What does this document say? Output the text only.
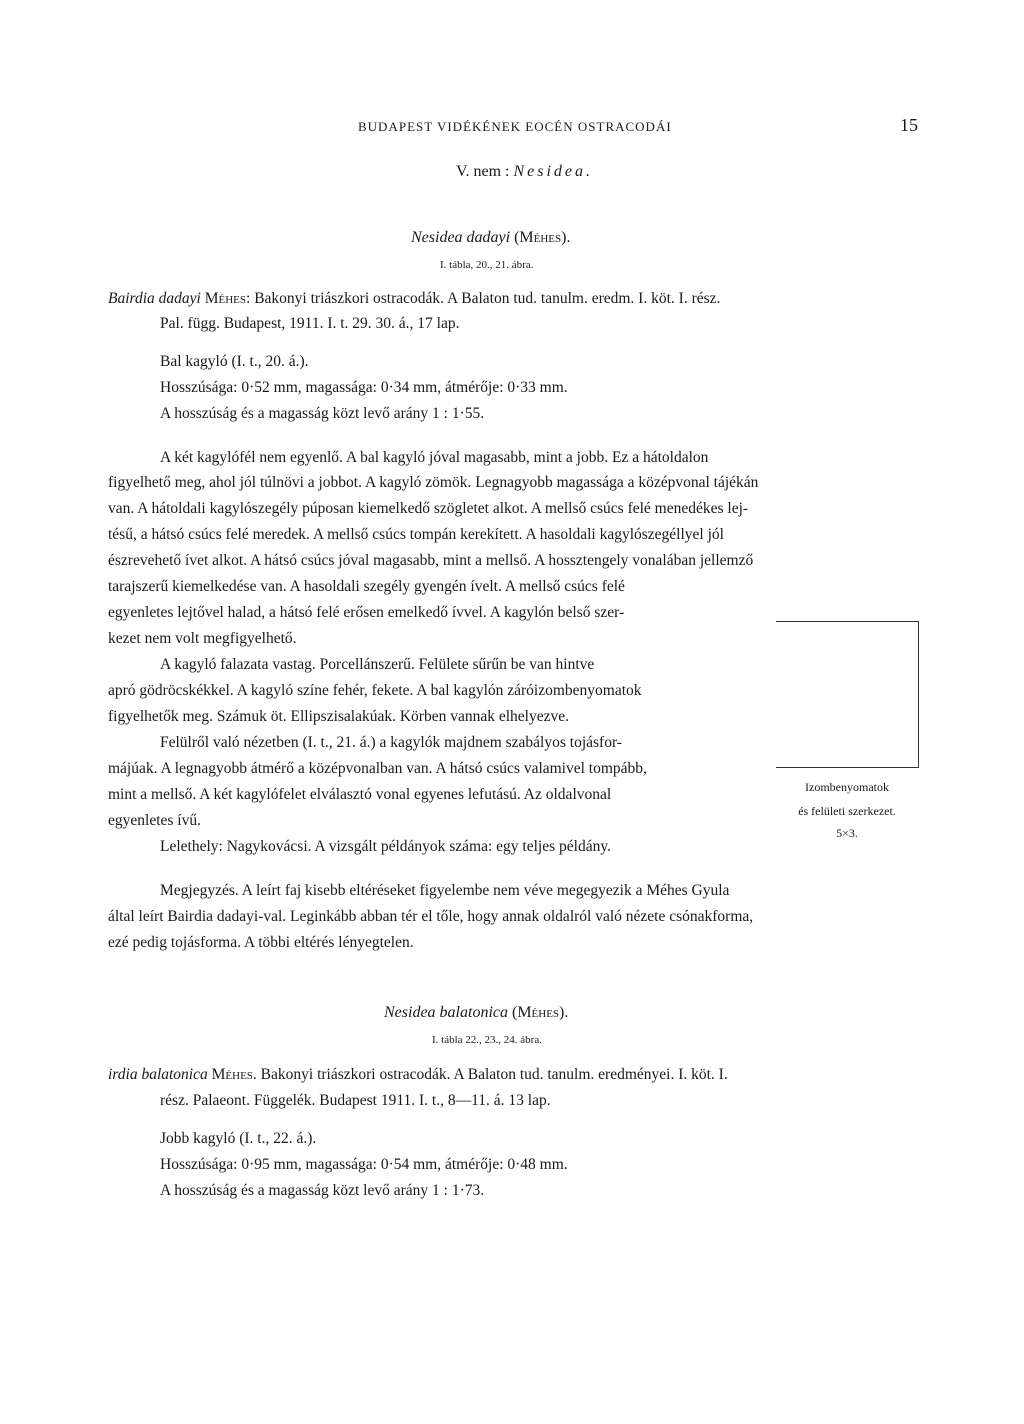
BUDAPEST VIDÉKÉNEK EOCÉN OSTRACODÁI	15
V. nem : Nesidea.
Nesidea dadayi (Méhes).
I. tábla, 20., 21. ábra.
Bairdia dadayi Méhes: Bakonyi triászkori ostracodák. A Balaton tud. tanulm. eredm. I. köt. I. rész.
Pal. függ. Budapest, 1911. I. t. 29. 30. á., 17 lap.
Bal kagyló (I. t., 20. á.).
Hosszúsága: 0·52 mm, magassága: 0·34 mm, átmérője: 0·33 mm.
A hosszúság és a magasság közt levő arány 1 : 1·55.
A két kagylófél nem egyenlő. A bal kagyló jóval magasabb, mint a jobb. Ez a hátoldalon
figyelhető meg, ahol jól túlnövi a jobbot. A kagyló zömök. Legnagyobb magassága a középvonal tájékán
van. A hátoldali kagylószegély púposan kiemelkedő szögletet alkot. A mellső csúcs felé menedékes lej-
tésű, a hátsó csúcs felé meredek. A mellső csúcs tompán kerekített. A hasoldali kagylószegéllyel jól
észrevehető ívet alkot. A hátsó csúcs jóval magasabb, mint a mellső. A hossztengely vonalában jellemző
tarajszerű kiemelkedése van. A hasoldali szegély gyengén ívelt. A mellső csúcs felé
egyenletes lejtővel halad, a hátsó felé erősen emelkedő ívvel. A kagylón belső szer-
kezet nem volt megfigyelhető.
A kagyló falazata vastag. Porcellánszerű. Felülete sűrűn be van hintve
apró gödröcskékkel. A kagyló színe fehér, fekete. A bal kagylón záróizombenyomatok
figyelhetők meg. Számuk öt. Ellipszisalakúak. Körben vannak elhelyezve.
Felülről való nézetben (I. t., 21. á.) a kagylók majdnem szabályos tojásfor-
májúak. A legnagyobb átmérő a középvonalban van. A hátsó csúcs valamivel tompább,
mint a mellső. A két kagylófelet elválasztó vonal egyenes lefutású. Az oldalvonal
egyenletes ívű.
Lelethely: Nagykovácsi. A vizsgált példányok száma: egy teljes példány.
Izombenyomatok
és felületi szerkezet.
5×3.
Megjegyzés. A leírt faj kisebb eltéréseket figyelembe nem véve megegyezik a Méhes Gyula
által leírt Bairdia dadayi-val. Leginkább abban tér el tőle, hogy annak oldalról való nézete csónakforma,
ezé pedig tojásforma. A többi eltérés lényegtelen.
Nesidea balatonica (Méhes).
I. tábla 22., 23., 24. ábra.
irdia balatonica Méhes. Bakonyi triászkori ostracodák. A Balaton tud. tanulm. eredményei. I. köt. I.
rész. Palaeont. Függelék. Budapest 1911. I. t., 8—11. á. 13 lap.
Jobb kagyló (I. t., 22. á.).
Hosszúsága: 0·95 mm, magassága: 0·54 mm, átmérője: 0·48 mm.
A hosszúság és a magasság közt levő arány 1 : 1·73.
